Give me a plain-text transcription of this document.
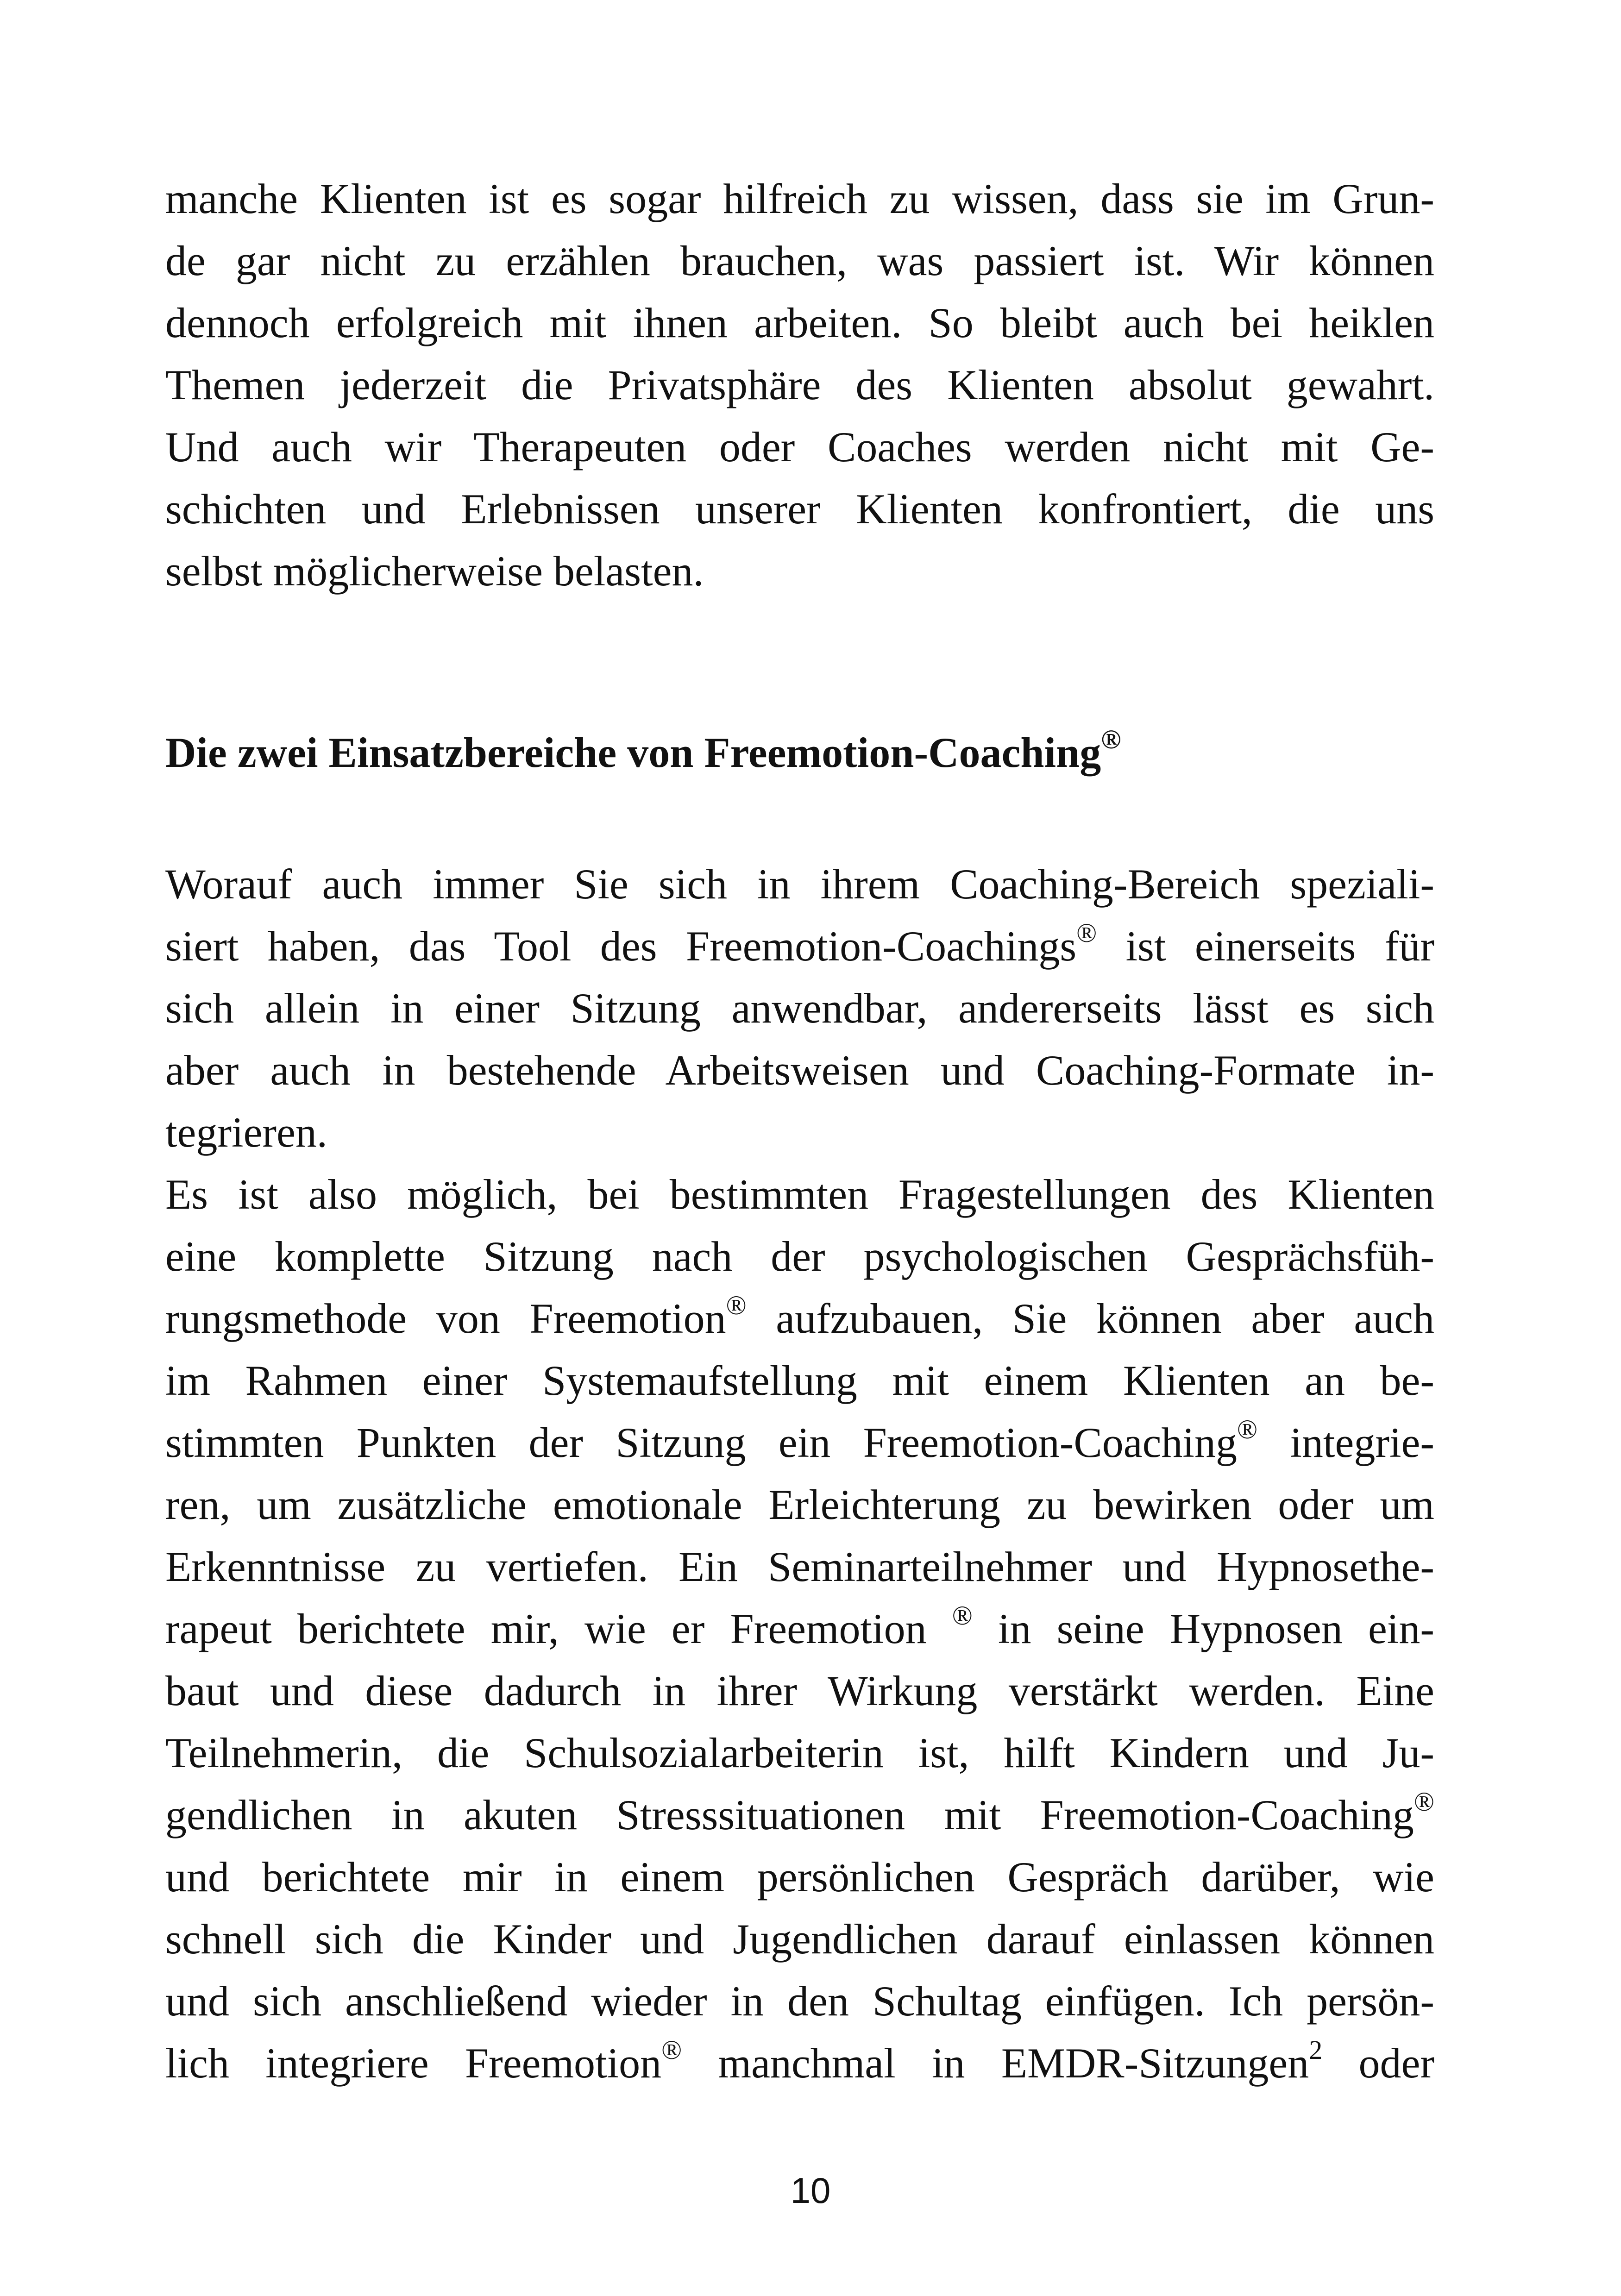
manche Klienten ist es sogar hilfreich zu wissen, dass sie im Grun-
de gar nicht zu erzählen brauchen, was passiert ist. Wir können
dennoch erfolgreich mit ihnen arbeiten. So bleibt auch bei heiklen
Themen jederzeit die Privatsphäre des Klienten absolut gewahrt.
Und auch wir Therapeuten oder Coaches werden nicht mit Ge-
schichten und Erlebnissen unserer Klienten konfrontiert, die uns
selbst möglicherweise belasten.
Die zwei Einsatzbereiche von Freemotion-Coaching®
Worauf auch immer Sie sich in ihrem Coaching-Bereich speziali-
siert haben, das Tool des Freemotion-Coachings® ist einerseits für
sich allein in einer Sitzung anwendbar, andererseits lässt es sich
aber auch in bestehende Arbeitsweisen und Coaching-Formate in-
tegrieren.
Es ist also möglich, bei bestimmten Fragestellungen des Klienten
eine komplette Sitzung nach der psychologischen Gesprächsfüh-
rungsmethode von Freemotion® aufzubauen, Sie können aber auch
im Rahmen einer Systemaufstellung mit einem Klienten an be-
stimmten Punkten der Sitzung ein Freemotion-Coaching® integrie-
ren, um zusätzliche emotionale Erleichterung zu bewirken oder um
Erkenntnisse zu vertiefen. Ein Seminarteilnehmer und Hypnosethe-
rapeut berichtete mir, wie er Freemotion ® in seine Hypnosen ein-
baut und diese dadurch in ihrer Wirkung verstärkt werden. Eine
Teilnehmerin, die Schulsozialarbeiterin ist, hilft Kindern und Ju-
gendlichen in akuten Stresssituationen mit Freemotion-Coaching®
und berichtete mir in einem persönlichen Gespräch darüber, wie
schnell sich die Kinder und Jugendlichen darauf einlassen können
und sich anschließend wieder in den Schultag einfügen. Ich persön-
lich integriere Freemotion® manchmal in EMDR-Sitzungen$^2$ oder
10
